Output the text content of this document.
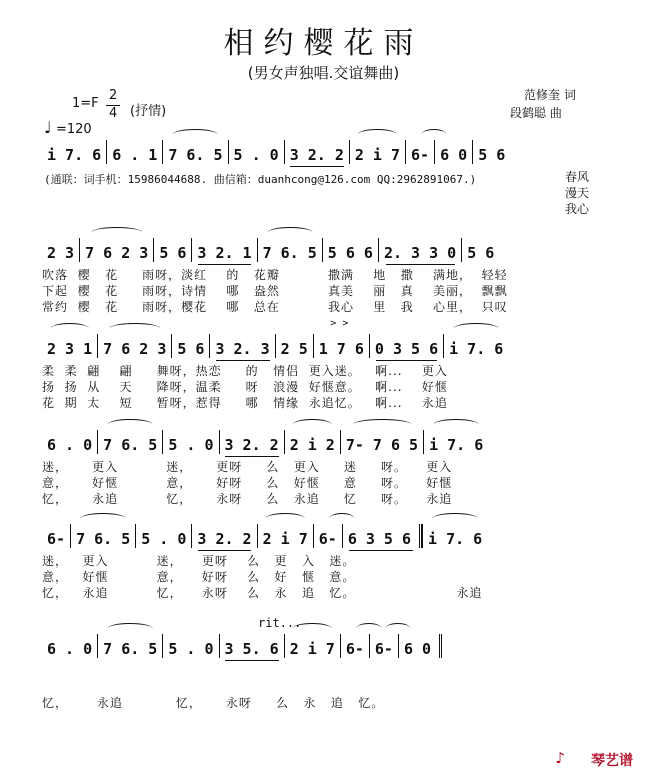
相约樱花雨
(男女声独唱.交谊舞曲)
范修奎 词
段鹤聪 曲
1=F
2
4 (抒情)
♩ =120
i 7. 6 6 . 1 7 6. 5 5 . 0 3 2. 2 2 i 7 6- 6 0 5 6
(通联：词手机：15986044688. 曲信箱：duanhcong@126.com QQ:2962891067.)	春风
漫天
我心
2 3 7 6 2 3 5 6 3 2. 1 7 6. 5 5 6 6 2. 3 3 0 5 6
吹落  樱   花     雨呀，淡红    的   花瓣          撒满    地   撒    满地，  轻轻
下起  樱   花     雨呀，诗情    哪   盎然          真美    丽   真    美丽，  飘飘
常约  樱   花     雨呀，樱花    哪   总在          我心    里   我    心里，  只叹
2 3 1 7 6 2 3 5 6 3 2. 3 2 5
> >
1 7 6 0 3 5 6 i 7. 6
柔  柔  翩    翩     舞呀，热恋     的   情侣  更入迷。   啊...    更入
扬  扬  从    天     降呀，温柔     呀   浪漫  好惬意。   啊...    好惬
花  期  太    短     暂呀，惹得     哪   情缘  永追忆。   啊...    永追
6 . 0 7 6. 5 5 . 0 3 2. 2 2 i 2 7- 7 6 5 i 7. 6
迷，     更入          迷，     更呀     么   更入     迷     呀。    更入
意，     好惬          意，     好呀     么   好惬     意     呀。    好惬
忆，     永追          忆，     永呀     么   永追     忆     呀。    永追
6- 7 6. 5 5 . 0 3 2. 2 2 i 7 6- 6 3 5 6 i 7. 6
迷，   更入          迷，    更呀    么   更   入   迷。
意，   好惬          意，    好呀    么   好   惬   意。
忆，   永追          忆，    永呀    么   永   追   忆。                     永追
rit...
6 . 0 7 6. 5 5 . 0 3 5. 6 2 i 7 6- 6- 6 0
忆，      永追           忆，     永呀     么   永   追   忆。
♪ 琴艺谱
